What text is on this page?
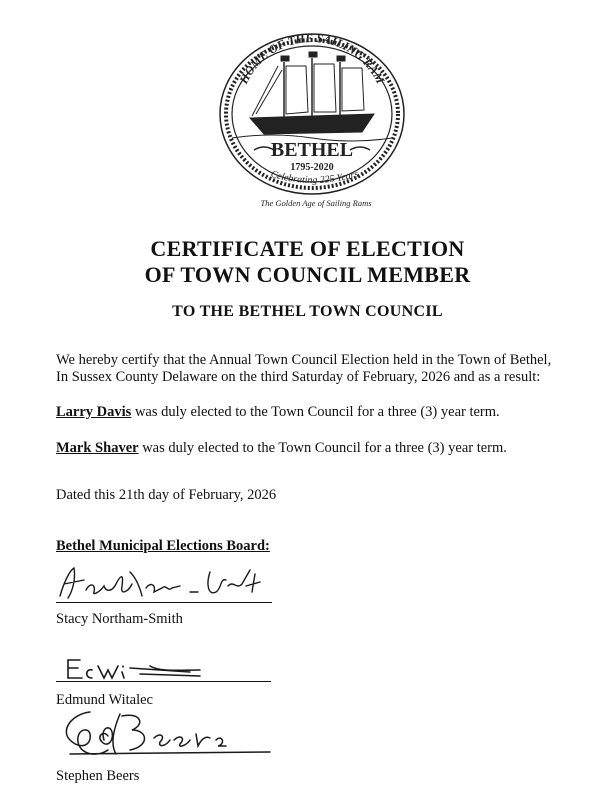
HOME OF THE SAILING RAM
BETHEL
1795-2020
Celebrating 225 Years
The Golden Age of Sailing Rams
CERTIFICATE OF ELECTION
OF TOWN COUNCIL MEMBER
TO THE BETHEL TOWN COUNCIL

We hereby certify that the Annual Town Council Election held in the Town of Bethel,

In Sussex County Delaware on the third Saturday of February, 2026 and as a result:

Larry Davis was duly elected to the Town Council for a three (3) year term.

Mark Shaver was duly elected to the Town Council for a three (3) year term.

Dated this 21th day of February, 2026

Bethel Municipal Elections Board:

Stacy Northam-Smith

Edmund Witalec

Stephen Beers
